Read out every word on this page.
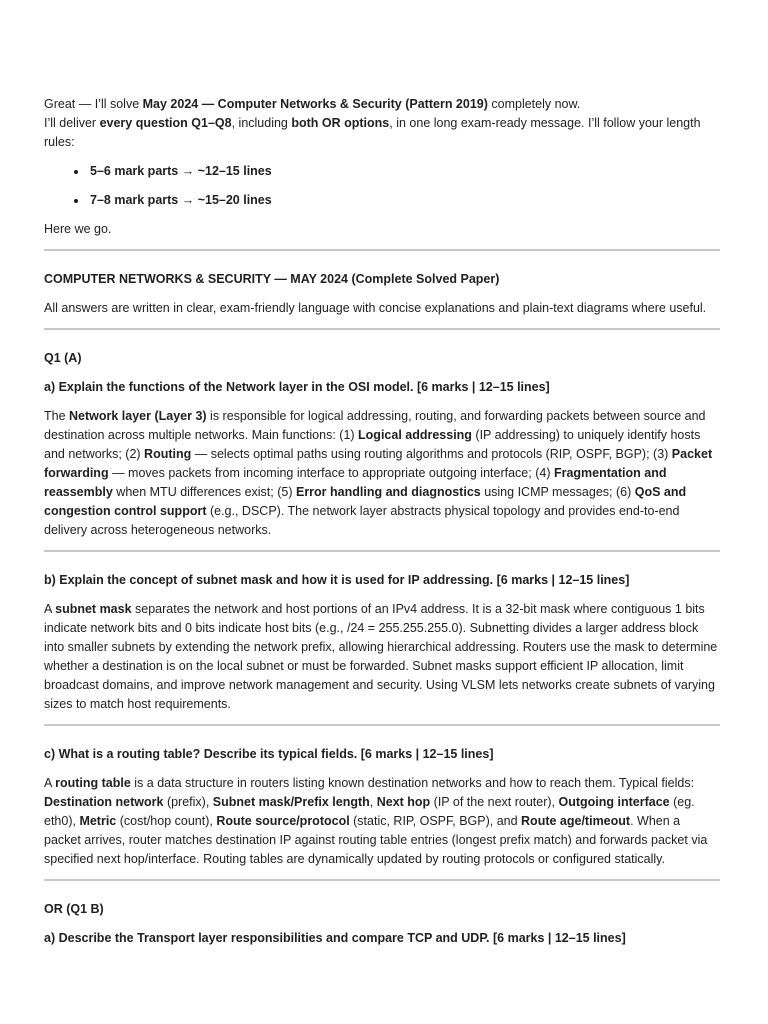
Great — I’ll solve May 2024 — Computer Networks & Security (Pattern 2019) completely now.

I’ll deliver every question Q1–Q8, including both OR options, in one long exam-ready message. I’ll follow your length rules:

• 5–6 mark parts → ~12–15 lines
• 7–8 mark parts → ~15–20 lines

Here we go.

COMPUTER NETWORKS & SECURITY — MAY 2024 (Complete Solved Paper)

All answers are written in clear, exam-friendly language with concise explanations and plain-text diagrams where useful.

Q1 (A)

a) Explain the functions of the Network layer in the OSI model. [6 marks | 12–15 lines]

The Network layer (Layer 3) is responsible for logical addressing, routing, and forwarding packets between source and destination across multiple networks. Main functions: (1) Logical addressing (IP addressing) to uniquely identify hosts and networks; (2) Routing — selects optimal paths using routing algorithms and protocols (RIP, OSPF, BGP); (3) Packet forwarding — moves packets from incoming interface to appropriate outgoing interface; (4) Fragmentation and reassembly when MTU differences exist; (5) Error handling and diagnostics using ICMP messages; (6) QoS and congestion control support (e.g., DSCP). The network layer abstracts physical topology and provides end-to-end delivery across heterogeneous networks.

b) Explain the concept of subnet mask and how it is used for IP addressing. [6 marks | 12–15 lines]

A subnet mask separates the network and host portions of an IPv4 address. It is a 32-bit mask where contiguous 1 bits indicate network bits and 0 bits indicate host bits (e.g., /24 = 255.255.255.0). Subnetting divides a larger address block into smaller subnets by extending the network prefix, allowing hierarchical addressing. Routers use the mask to determine whether a destination is on the local subnet or must be forwarded. Subnet masks support efficient IP allocation, limit broadcast domains, and improve network management and security. Using VLSM lets networks create subnets of varying sizes to match host requirements.

c) What is a routing table? Describe its typical fields. [6 marks | 12–15 lines]

A routing table is a data structure in routers listing known destination networks and how to reach them. Typical fields: Destination network (prefix), Subnet mask/Prefix length, Next hop (IP of the next router), Outgoing interface (eg. eth0), Metric (cost/hop count), Route source/protocol (static, RIP, OSPF, BGP), and Route age/timeout. When a packet arrives, router matches destination IP against routing table entries (longest prefix match) and forwards packet via specified next hop/interface. Routing tables are dynamically updated by routing protocols or configured statically.

OR (Q1 B)

a) Describe the Transport layer responsibilities and compare TCP and UDP. [6 marks | 12–15 lines]
